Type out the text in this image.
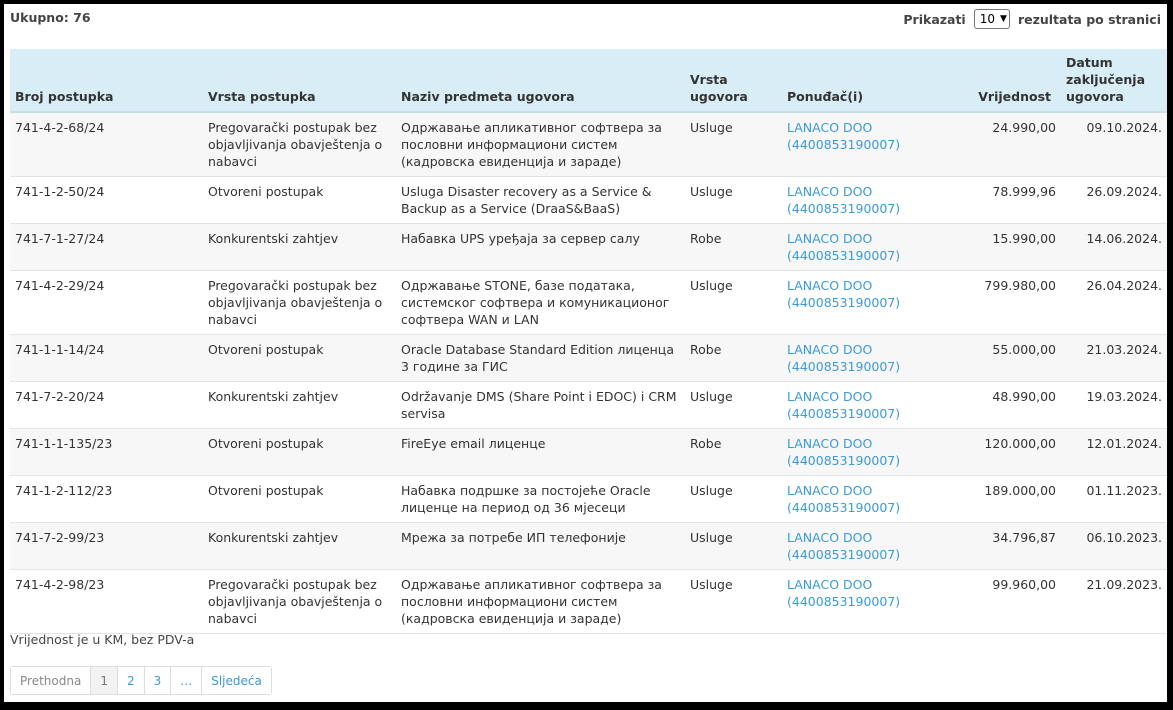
Ukupno: 76	Prikazati 10 ▼ rezultata po stranici
Broj postupka	Vrsta postupka	Naziv predmeta ugovora	Vrsta ugovora	Ponuđač(i)	Vrijednost	Datum zaključenja ugovora
741-4-2-68/24	Pregovarački postupak bez objavljivanja obavještenja o nabavci	Одржавање апликативног софтвера за пословни информациони систем (кадровска евиденција и зараде)	Usluge	LANACO DOO (4400853190007)	24.990,00	09.10.2024.
741-1-2-50/24	Otvoreni postupak	Usluga Disaster recovery as a Service & Backup as a Service (DraaS&BaaS)	Usluge	LANACO DOO (4400853190007)	78.999,96	26.09.2024.
741-7-1-27/24	Konkurentski zahtjev	Набавка UPS уређаја за сервер салу	Robe	LANACO DOO (4400853190007)	15.990,00	14.06.2024.
741-4-2-29/24	Pregovarački postupak bez objavljivanja obavještenja o nabavci	Одржавање STONE, базе података, системског софтвера и комуникационог софтвера WAN и LAN	Usluge	LANACO DOO (4400853190007)	799.980,00	26.04.2024.
741-1-1-14/24	Otvoreni postupak	Oracle Database Standard Edition лиценца 3 године за ГИС	Robe	LANACO DOO (4400853190007)	55.000,00	21.03.2024.
741-7-2-20/24	Konkurentski zahtjev	Održavanje DMS (Share Point i EDOC) i CRM servisa	Usluge	LANACO DOO (4400853190007)	48.990,00	19.03.2024.
741-1-1-135/23	Otvoreni postupak	FireEye email лиценце	Robe	LANACO DOO (4400853190007)	120.000,00	12.01.2024.
741-1-2-112/23	Otvoreni postupak	Набавка подршке за постојеће Oracle лиценце на период од 36 мјесеци	Usluge	LANACO DOO (4400853190007)	189.000,00	01.11.2023.
741-7-2-99/23	Konkurentski zahtjev	Мрежа за потребе ИП телефоније	Usluge	LANACO DOO (4400853190007)	34.796,87	06.10.2023.
741-4-2-98/23	Pregovarački postupak bez objavljivanja obavještenja o nabavci	Одржавање апликативног софтвера за пословни информациони систем (кадровска евиденција и зараде)	Usluge	LANACO DOO (4400853190007)	99.960,00	21.09.2023.
Vrijednost je u KM, bez PDV-a
Prethodna	1	2	3	…	Sljedeća
